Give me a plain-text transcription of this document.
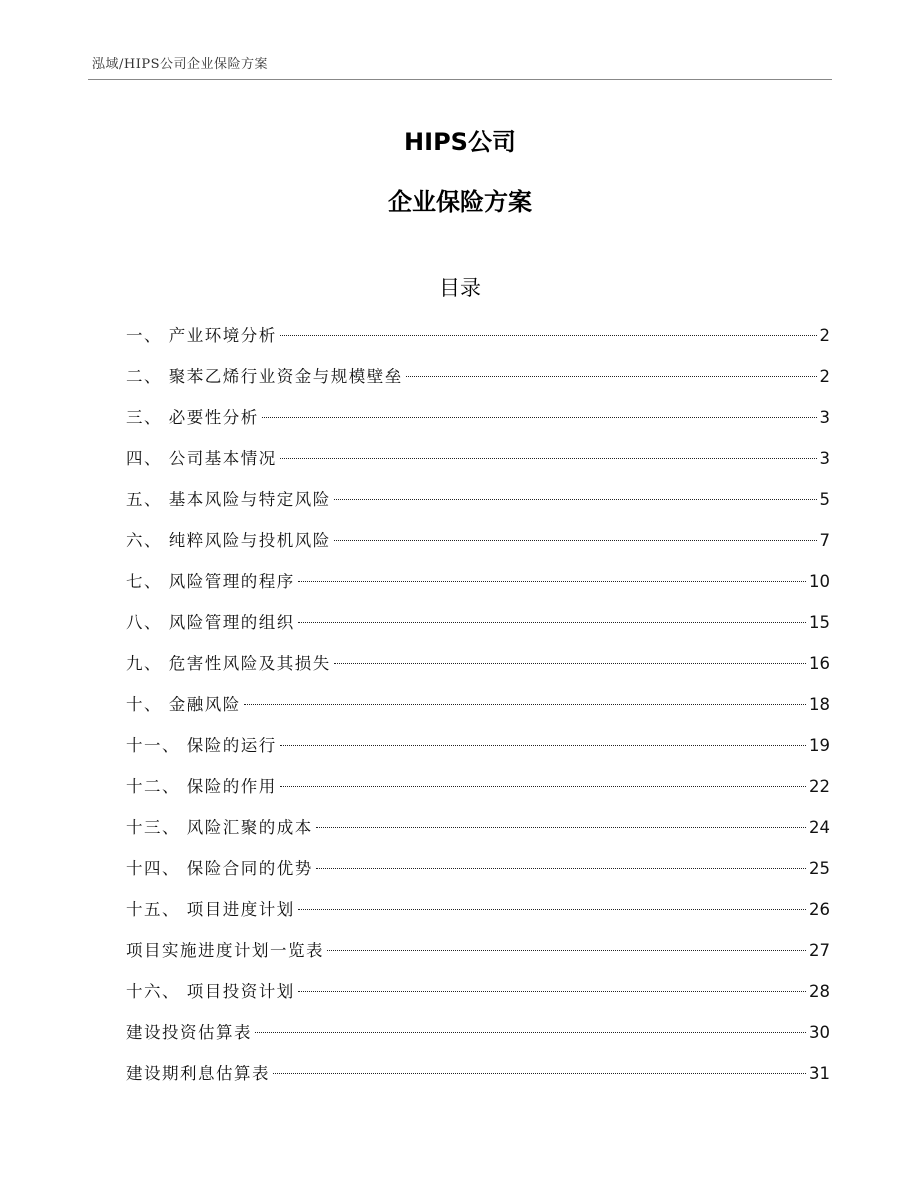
泓域/HIPS公司企业保险方案
HIPS公司
企业保险方案
目录
一、 产业环境分析	2
二、 聚苯乙烯行业资金与规模壁垒	2
三、 必要性分析	3
四、 公司基本情况	3
五、 基本风险与特定风险	5
六、 纯粹风险与投机风险	7
七、 风险管理的程序	10
八、 风险管理的组织	15
九、 危害性风险及其损失	16
十、 金融风险	18
十一、 保险的运行	19
十二、 保险的作用	22
十三、 风险汇聚的成本	24
十四、 保险合同的优势	25
十五、 项目进度计划	26
项目实施进度计划一览表	27
十六、 项目投资计划	28
建设投资估算表	30
建设期利息估算表	31
